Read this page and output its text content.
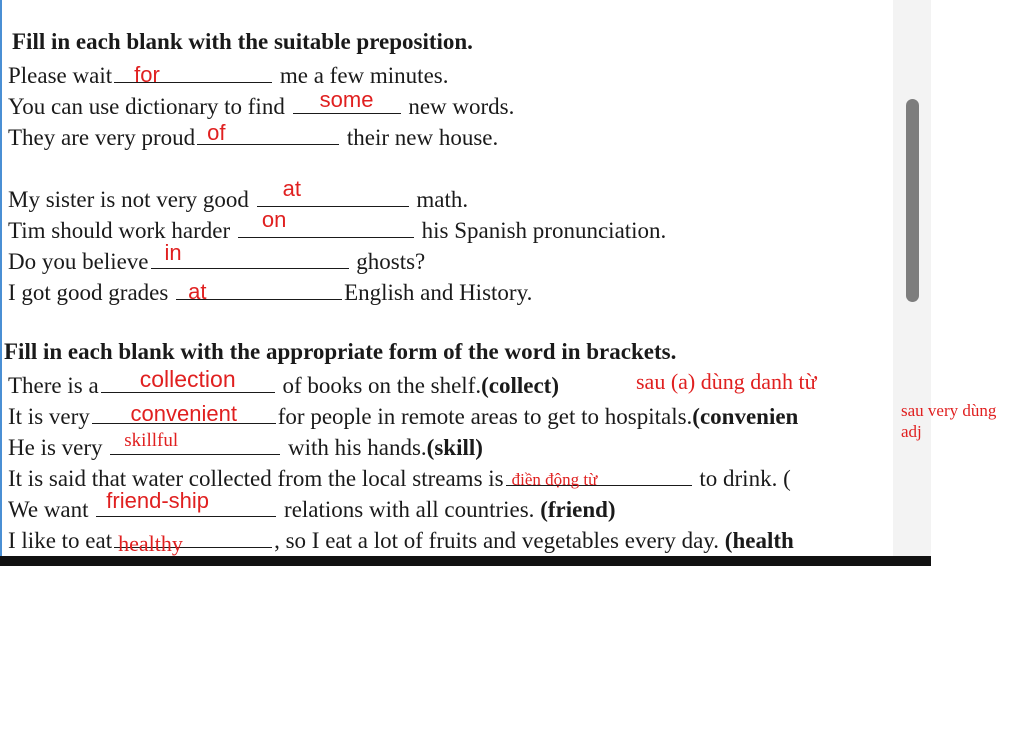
Fill in each blank with the suitable preposition.
Please wait for	me a few minutes.
You can use dictionary to find	some	new words.
They are very proud of	their new house.
My sister is not very good at	math.
Tim should work harder on	his Spanish pronunciation.
Do you believe in	ghosts?
I got good grades at	English and History.
Fill in each blank with the appropriate form of the word in brackets.
There is a	collection	of books on the shelf.(collect)
It is very	convenient	for people in remote areas to get to hospitals.(convenien
He is very skillful	with his hands.(skill)
It is said that water collected from the local streams is điền động từ	to drink. (
We want friend-ship	relations with all countries. (friend)
I like to eat healthy	, so I eat a lot of fruits and vegetables every day. (health
sau (a) dùng danh từ
sau very dùng
adj
